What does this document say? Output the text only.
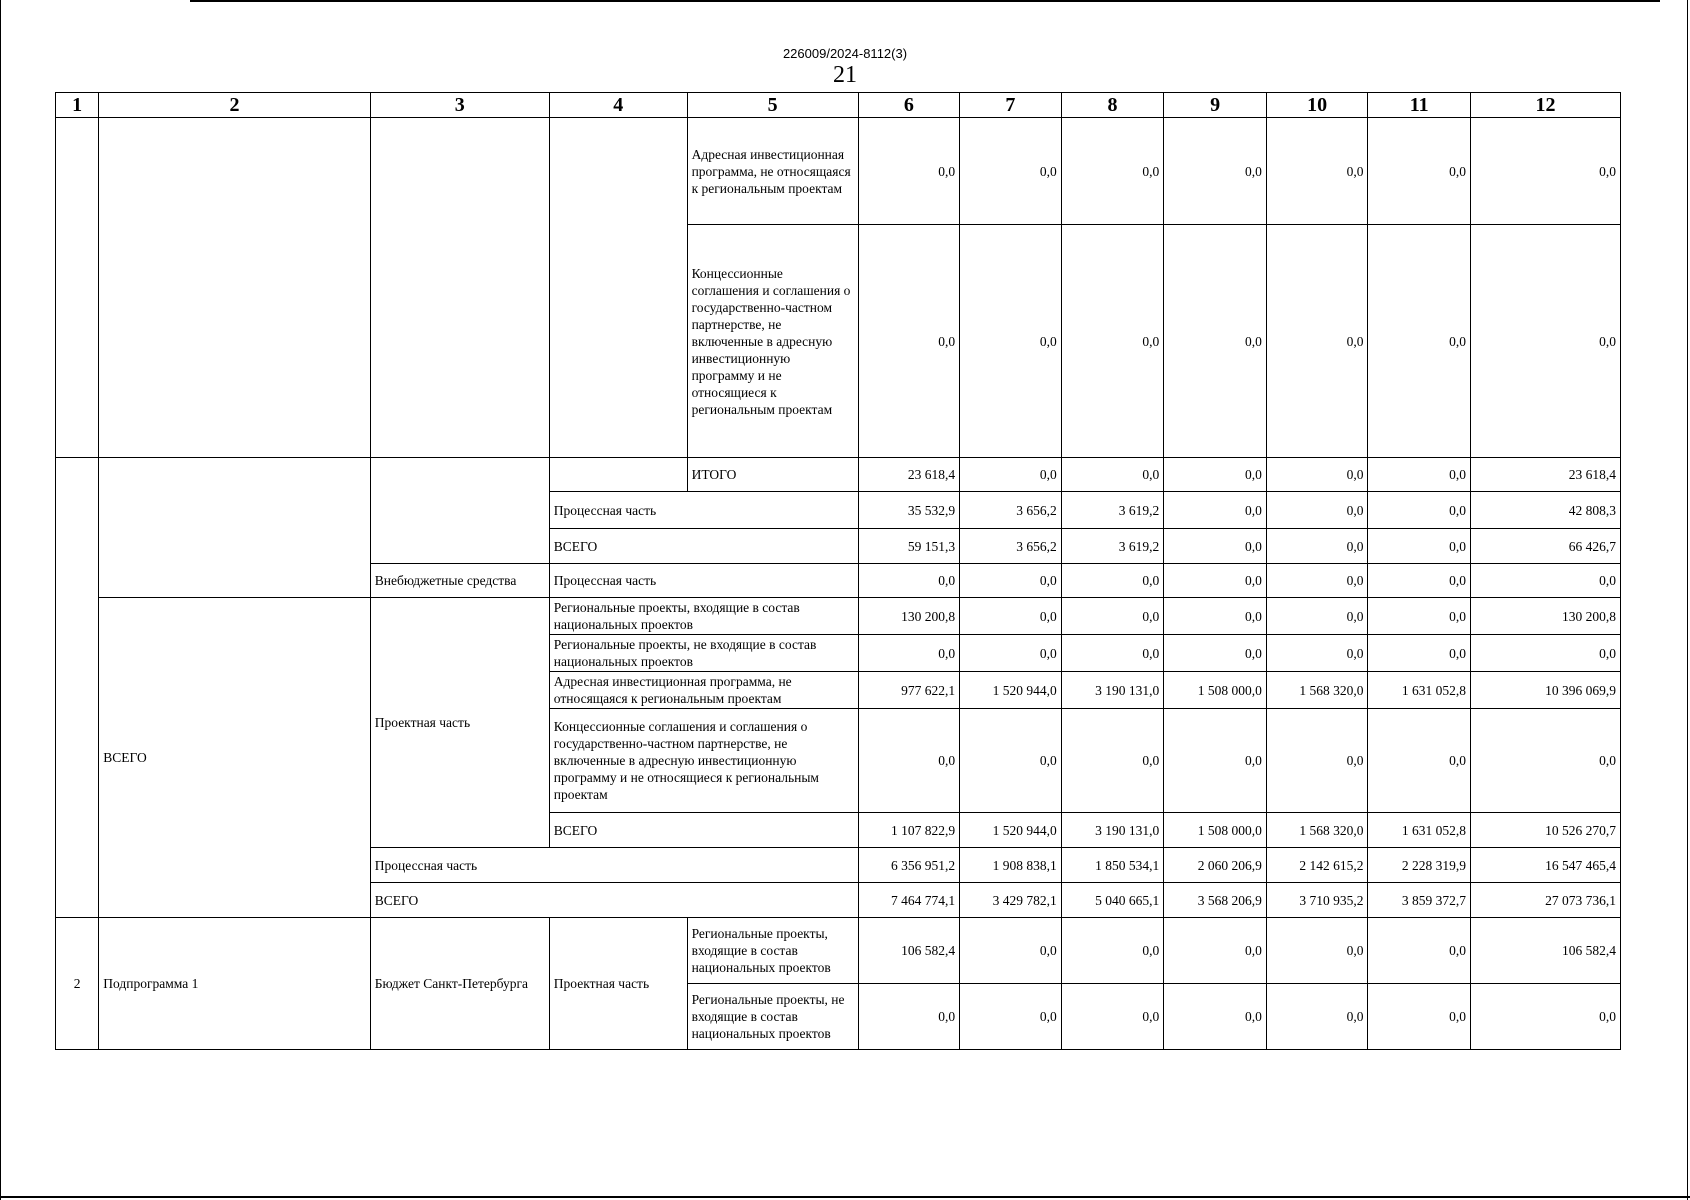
226009/2024-8112(3)
21
1	2	3	4	5	6	7	8	9	10	11	12
				Адресная инвестиционная программа, не относящаяся к региональным проектам	0,0	0,0	0,0	0,0	0,0	0,0	0,0
				Концессионные соглашения и соглашения о государственно-частном партнерстве, не включенные в адресную инвестиционную программу и не относящиеся к региональным проектам	0,0	0,0	0,0	0,0	0,0	0,0	0,0
				ИТОГО	23 618,4	0,0	0,0	0,0	0,0	0,0	23 618,4
			Процессная часть		35 532,9	3 656,2	3 619,2	0,0	0,0	0,0	42 808,3
			ВСЕГО		59 151,3	3 656,2	3 619,2	0,0	0,0	0,0	66 426,7
		Внебюджетные средства	Процессная часть		0,0	0,0	0,0	0,0	0,0	0,0	0,0
	ВСЕГО	Проектная часть	Региональные проекты, входящие в состав национальных проектов		130 200,8	0,0	0,0	0,0	0,0	0,0	130 200,8
			Региональные проекты, не входящие в состав национальных проектов		0,0	0,0	0,0	0,0	0,0	0,0	0,0
			Адресная инвестиционная программа, не относящаяся к региональным проектам		977 622,1	1 520 944,0	3 190 131,0	1 508 000,0	1 568 320,0	1 631 052,8	10 396 069,9
			Концессионные соглашения и соглашения о государственно-частном партнерстве, не включенные в адресную инвестиционную программу и не относящиеся к региональным проектам		0,0	0,0	0,0	0,0	0,0	0,0	0,0
			ВСЕГО		1 107 822,9	1 520 944,0	3 190 131,0	1 508 000,0	1 568 320,0	1 631 052,8	10 526 270,7
		Процессная часть			6 356 951,2	1 908 838,1	1 850 534,1	2 060 206,9	2 142 615,2	2 228 319,9	16 547 465,4
		ВСЕГО			7 464 774,1	3 429 782,1	5 040 665,1	3 568 206,9	3 710 935,2	3 859 372,7	27 073 736,1
2	Подпрограмма 1	Бюджет Санкт-Петербурга	Проектная часть	Региональные проекты, входящие в состав национальных проектов	106 582,4	0,0	0,0	0,0	0,0	0,0	106 582,4
				Региональные проекты, не входящие в состав национальных проектов	0,0	0,0	0,0	0,0	0,0	0,0	0,0
